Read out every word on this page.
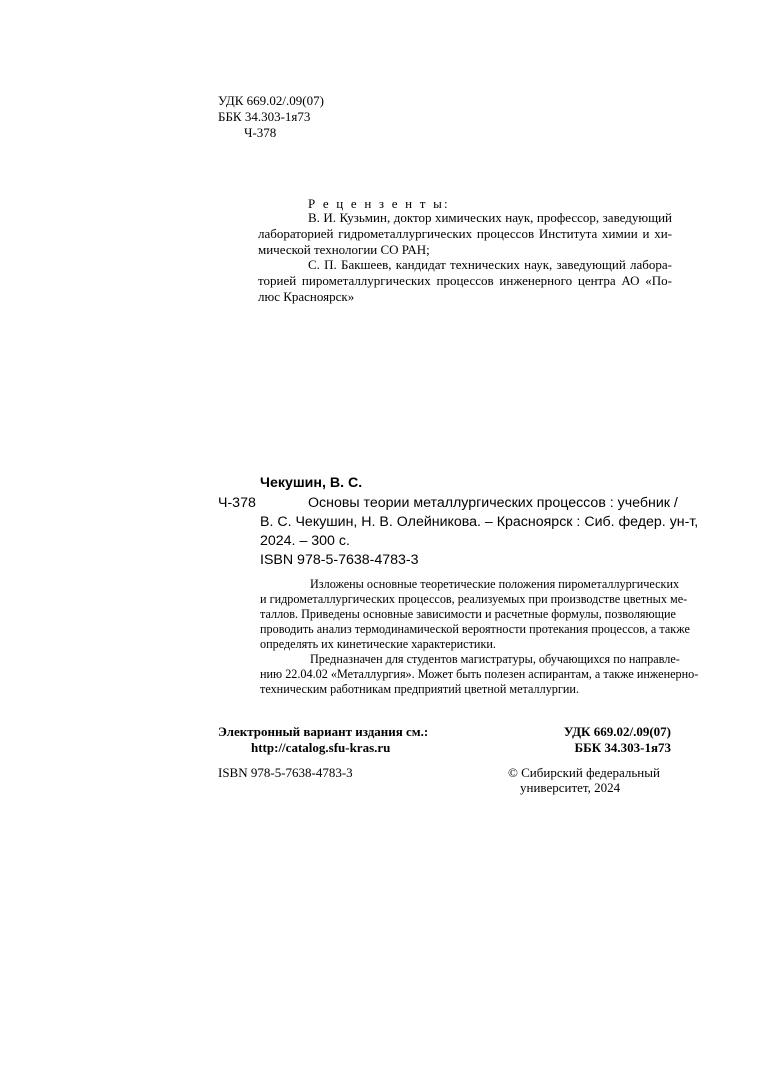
УДК 669.02/.09(07)
ББК 34.303-1я73
Ч-378
Р е ц е н з е н т ы:
В. И. Кузьмин, доктор химических наук, профессор, заведующий
лабораторией гидрометаллургических процессов Института химии и хи-
мической технологии СО РАН;
С. П. Бакшеев, кандидат технических наук, заведующий лабора-
торией пирометаллургических процессов инженерного центра АО «По-
люс Красноярск»
Чекушин, В. С.
Ч-378	Основы теории металлургических процессов : учебник /
В. С. Чекушин, Н. В. Олейникова. – Красноярск : Сиб. федер. ун-т,
2024. – 300 с.
ISBN 978-5-7638-4783-3
Изложены основные теоретические положения пирометаллургических
и гидрометаллургических процессов, реализуемых при производстве цветных ме-
таллов. Приведены основные зависимости и расчетные формулы, позволяющие
проводить анализ термодинамической вероятности протекания процессов, а также
определять их кинетические характеристики.
Предназначен для студентов магистратуры, обучающихся по направле-
нию 22.04.02 «Металлургия». Может быть полезен аспирантам, а также инженерно-
техническим работникам предприятий цветной металлургии.
Электронный вариант издания см.:
http://catalog.sfu-kras.ru
УДК 669.02/.09(07)
ББК 34.303-1я73
ISBN 978-5-7638-4783-3	© Сибирский федеральный
университет, 2024
